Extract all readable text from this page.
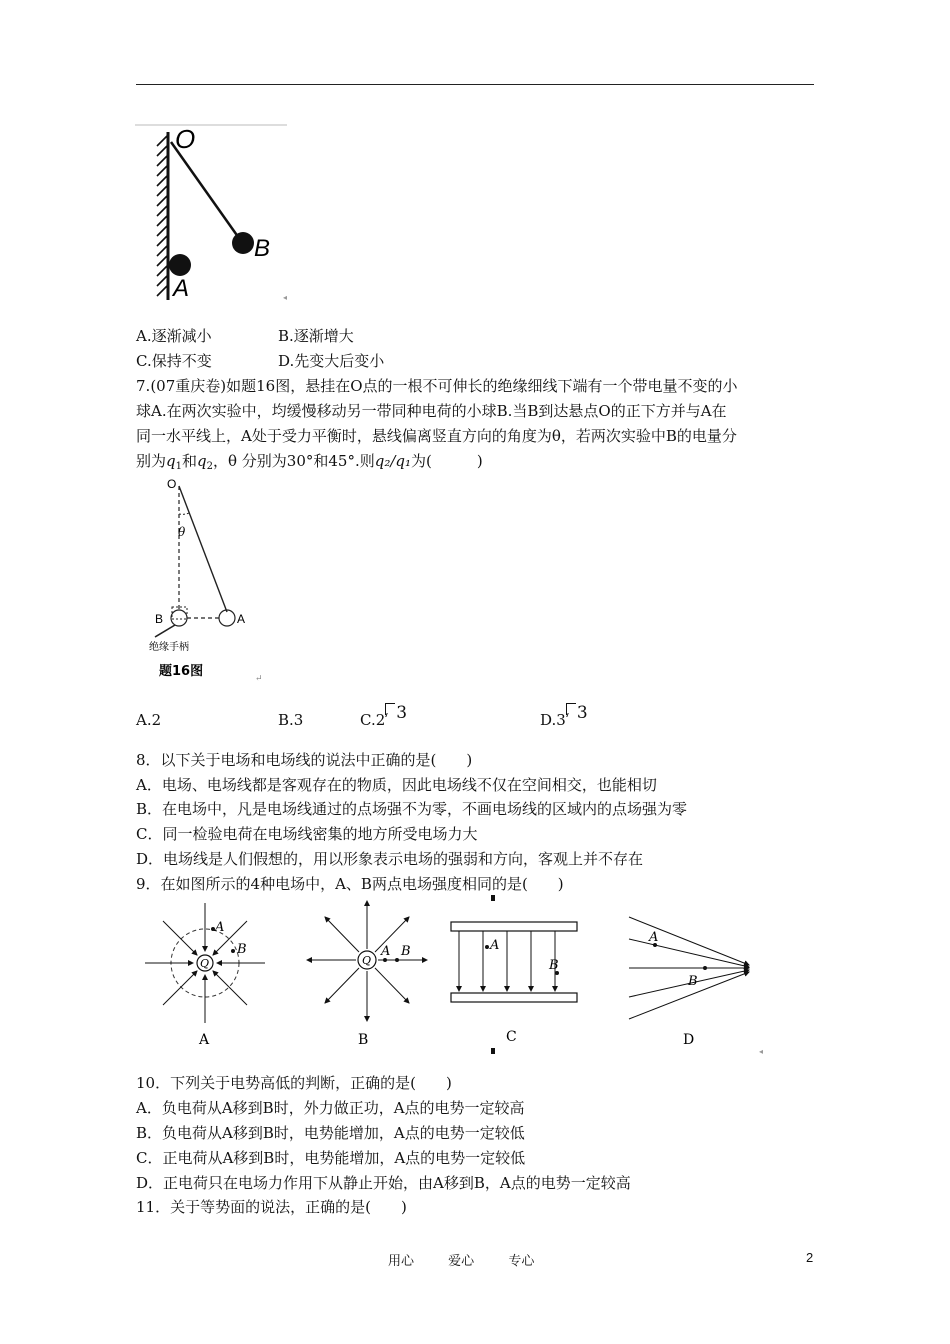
O
B
A	◂
A.逐渐减小	B.逐渐增大
C.保持不变	D.先变大后变小
7.(07重庆卷)如题16图，悬挂在O点的一根不可伸长的绝缘细线下端有一个带电量不变的小
球A.在两次实验中，均缓慢移动另一带同种电荷的小球B.当B到达悬点O的正下方并与A在
同一水平线上，A处于受力平衡时，悬线偏离竖直方向的角度为θ，若两次实验中B的电量分
别为$q_1$和$q_2$，θ 分别为30°和45°.则q₂/q₁为(　　　)
O
θ
B	A
绝缘手柄
题16图	↵
A.2	B.3	C.2 3	D.3 3
8．以下关于电场和电场线的说法中正确的是(　　)
A．电场、电场线都是客观存在的物质，因此电场线不仅在空间相交，也能相切
B．在电场中，凡是电场线通过的点场强不为零，不画电场线的区域内的点场强为零
C．同一检验电荷在电场线密集的地方所受电场力大
D．电场线是人们假想的，用以形象表示电场的强弱和方向，客观上并不存在
9．在如图所示的4种电场中，A、B两点电场强度相同的是(　　)
A
B
Q
A
A B
Q
B
A
B
C
A
B
D
◂
10．下列关于电势高低的判断，正确的是(　　)
A．负电荷从A移到B时，外力做正功，A点的电势一定较高
B．负电荷从A移到B时，电势能增加，A点的电势一定较低
C．正电荷从A移到B时，电势能增加，A点的电势一定较低
D．正电荷只在电场力作用下从静止开始，由A移到B，A点的电势一定较高
11．关于等势面的说法，正确的是(　　)
用心	爱心	专心	2
